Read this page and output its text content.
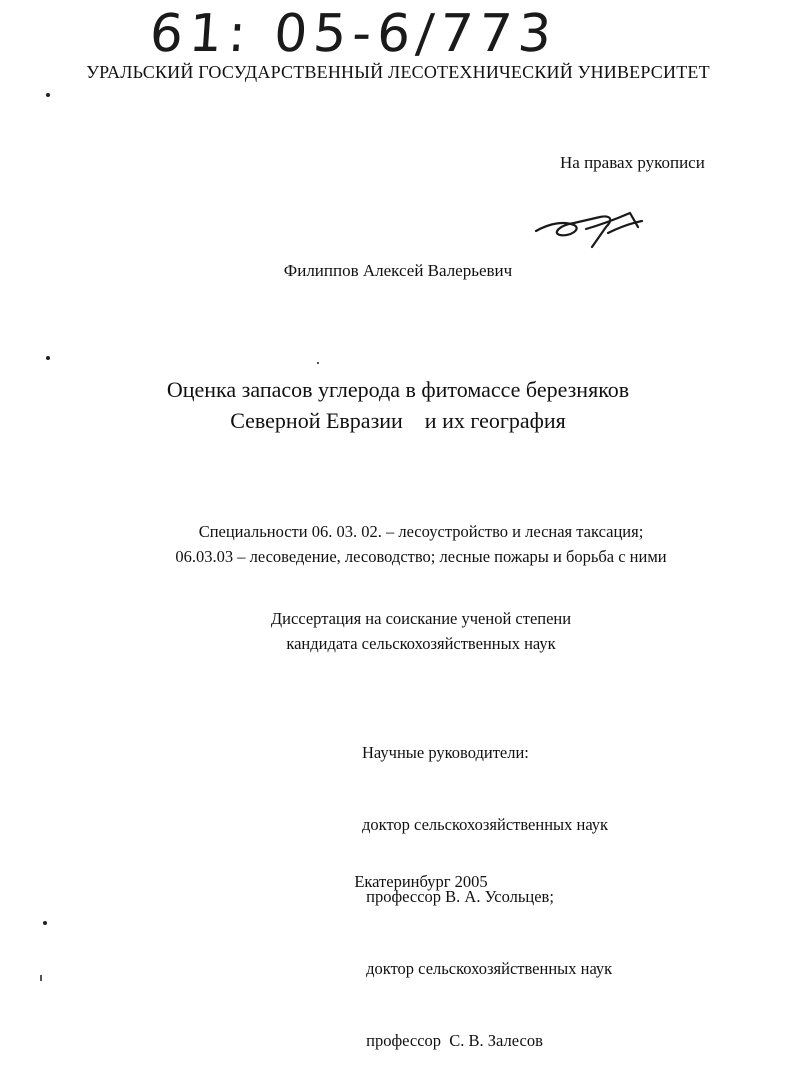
61: 05-6/773
УРАЛЬСКИЙ ГОСУДАРСТВЕННЫЙ ЛЕСОТЕХНИЧЕСКИЙ УНИВЕРСИТЕТ
На правах рукописи
Филиппов Алексей Валерьевич
Оценка запасов углерода в фитомассе березняков
Северной Евразии    и их география
Специальности 06. 03. 02. – лесоустройство и лесная таксация;
06.03.03 – лесоведение, лесоводство; лесные пожары и борьба с ними
Диссертация на соискание ученой степени
кандидата сельскохозяйственных наук

Научные руководители:

доктор сельскохозяйственных наук

профессор В. А. Усольцев;

доктор сельскохозяйственных наук

профессор  С. В. Залесов

Екатеринбург 2005
